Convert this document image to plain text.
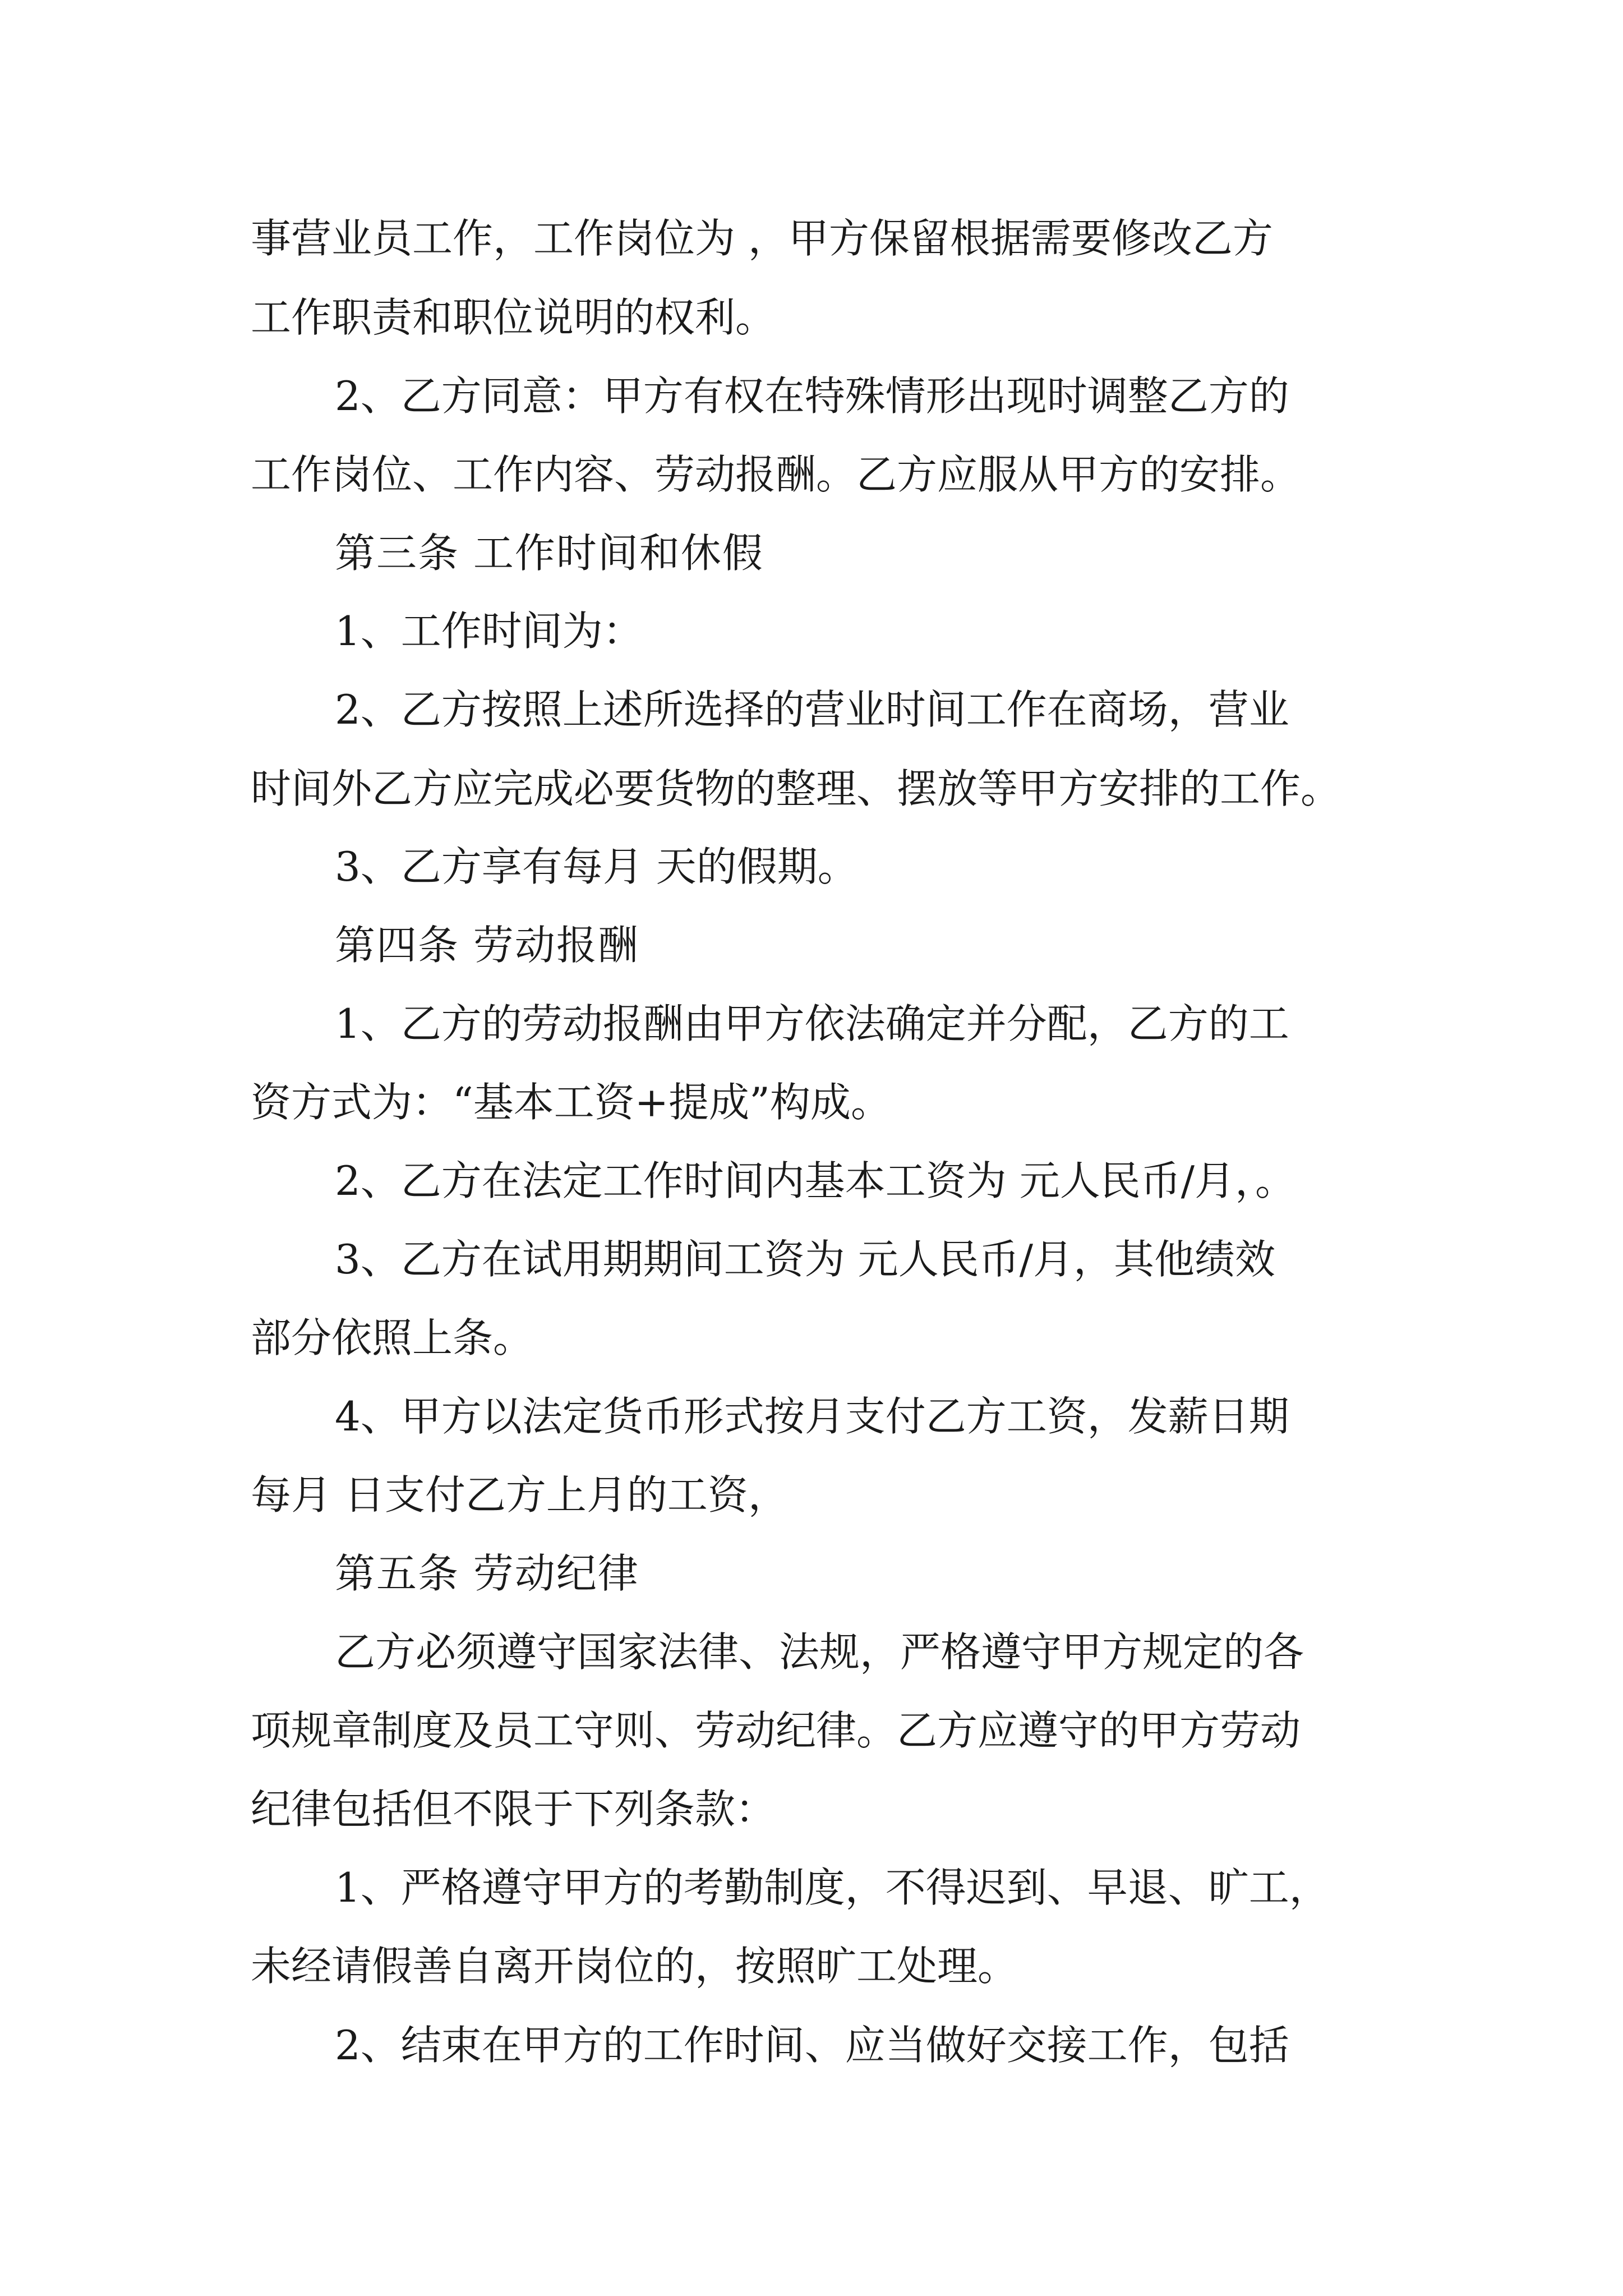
事营业员工作，工作岗位为 ，甲方保留根据需要修改乙方
工作职责和职位说明的权利。
2、乙方同意：甲方有权在特殊情形出现时调整乙方的
工作岗位、工作内容、劳动报酬。乙方应服从甲方的安排。
第三条 工作时间和休假
1、工作时间为：
2、乙方按照上述所选择的营业时间工作在商场，营业
时间外乙方应完成必要货物的整理、摆放等甲方安排的工作。
3、乙方享有每月 天的假期。
第四条 劳动报酬
1、乙方的劳动报酬由甲方依法确定并分配，乙方的工
资方式为：“基本工资+提成”构成。
2、乙方在法定工作时间内基本工资为 元人民币/月，。
3、乙方在试用期期间工资为 元人民币/月，其他绩效
部分依照上条。
4、甲方以法定货币形式按月支付乙方工资，发薪日期
每月 日支付乙方上月的工资，
第五条 劳动纪律
乙方必须遵守国家法律、法规，严格遵守甲方规定的各
项规章制度及员工守则、劳动纪律。乙方应遵守的甲方劳动
纪律包括但不限于下列条款：
1、严格遵守甲方的考勤制度，不得迟到、早退、旷工，
未经请假善自离开岗位的，按照旷工处理。
2、结束在甲方的工作时间、应当做好交接工作，包括
